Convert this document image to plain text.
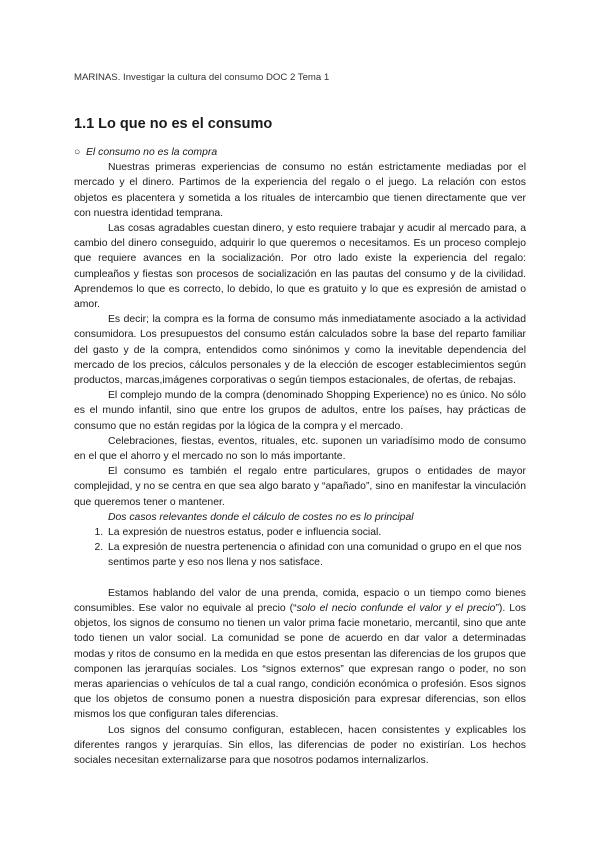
MARINAS. Investigar la cultura del consumo DOC 2 Tema 1
1.1 Lo que no es el consumo
○ El consumo no es la compra

Nuestras primeras experiencias de consumo no están estrictamente mediadas por el mercado y el dinero. Partimos de la experiencia del regalo o el juego. La relación con estos objetos es placentera y sometida a los rituales de intercambio que tienen directamente que ver con nuestra identidad temprana.

Las cosas agradables cuestan dinero, y esto requiere trabajar y acudir al mercado para, a cambio del dinero conseguido, adquirir lo que queremos o necesitamos. Es un proceso complejo que requiere avances en la socialización. Por otro lado existe la experiencia del regalo: cumpleaños y fiestas son procesos de socialización en las pautas del consumo y de la civilidad. Aprendemos lo que es correcto, lo debido, lo que es gratuito y lo que es expresión de amistad o amor.

Es decir; la compra es la forma de consumo más inmediatamente asociado a la actividad consumidora. Los presupuestos del consumo están calculados sobre la base del reparto familiar del gasto y de la compra, entendidos como sinónimos y como la inevitable dependencia del mercado de los precios, cálculos personales y de la elección de escoger establecimientos según productos, marcas,imágenes corporativas o según tiempos estacionales, de ofertas, de rebajas.

El complejo mundo de la compra (denominado Shopping Experience) no es único. No sólo es el mundo infantil, sino que entre los grupos de adultos, entre los países, hay prácticas de consumo que no están regidas por la lógica de la compra y el mercado.

Celebraciones, fiestas, eventos, rituales, etc. suponen un variadísimo modo de consumo en el que el ahorro y el mercado no son lo más importante.

El consumo es también el regalo entre particulares, grupos o entidades de mayor complejidad, y no se centra en que sea algo barato y “apañado”, sino en manifestar la vinculación que queremos tener o mantener.

Dos casos relevantes donde el cálculo de costes no es lo principal

1. La expresión de nuestros estatus, poder e influencia social.
2. La expresión de nuestra pertenencia o afinidad con una comunidad o grupo en el que nos sentimos parte y eso nos llena y nos satisface.

Estamos hablando del valor de una prenda, comida, espacio o un tiempo como bienes consumibles. Ese valor no equivale al precio (“solo el necio confunde el valor y el precio”). Los objetos, los signos de consumo no tienen un valor prima facie monetario, mercantil, sino que ante todo tienen un valor social. La comunidad se pone de acuerdo en dar valor a determinadas modas y ritos de consumo en la medida en que estos presentan las diferencias de los grupos que componen las jerarquías sociales. Los “signos externos” que expresan rango o poder, no son meras apariencias o vehículos de tal a cual rango, condición económica o profesión. Esos signos que los objetos de consumo ponen a nuestra disposición para expresar diferencias, son ellos mismos los que configuran tales diferencias.

Los signos del consumo configuran, establecen, hacen consistentes y explicables los diferentes rangos y jerarquías. Sin ellos, las diferencias de poder no existirían. Los hechos sociales necesitan externalizarse para que nosotros podamos internalizarlos.
